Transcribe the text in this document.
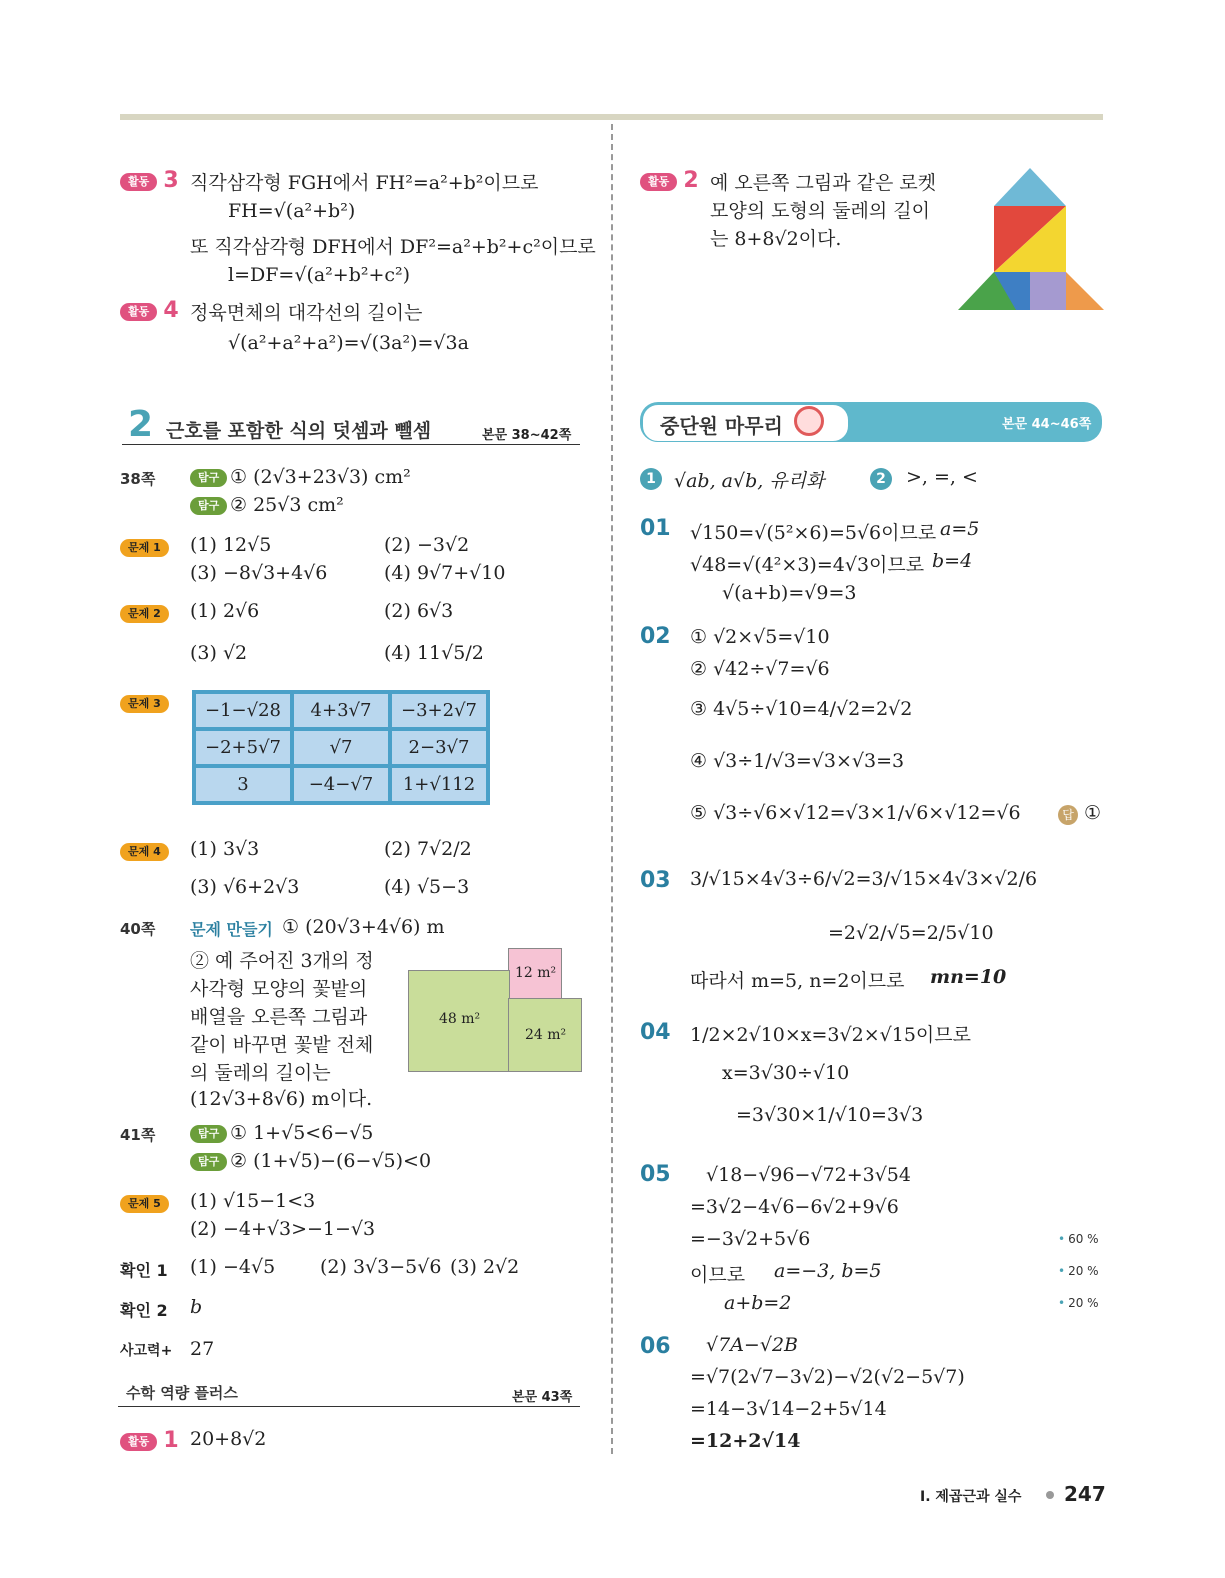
활동 3 직각삼각형 FGH에서 FH²=a²+b²이므로
FH=√(a²+b²)
또 직각삼각형 DFH에서 DF²=a²+b²+c²이므로
l=DF=√(a²+b²+c²)
활동 4 정육면체의 대각선의 길이는
√(a²+a²+a²)=√(3a²)=√3a
2 근호를 포함한 식의 덧셈과 뺄셈	본문 38~42쪽
38쪽	탐구 ① (2√3+23√3) cm²
탐구 ② 25√3 cm²
문제 1	(1) 12√5	(2) −3√2
(3) −8√3+4√6	(4) 9√7+√10
문제 2	(1) 2√6	(2) 6√3
(3) √2	(4) 11√5/2
문제 3	−1−√28	4+3√7	−3+2√7
−2+5√7	√7	2−3√7
3	−4−√7	1+√112
문제 4	(1) 3√3	(2) 7√2/2
(3) √6+2√3	(4) √5−3
40쪽 문제 만들기 ① (20√3+4√6) m
② 예 주어진 3개의 정
사각형 모양의 꽃밭의
배열을 오른쪽 그림과
같이 바꾸면 꽃밭 전체
의 둘레의 길이는
(12√3+8√6) m이다.
12 m²
48 m²
24 m²
41쪽	탐구 ① 1+√5<6−√5
탐구 ② (1+√5)−(6−√5)<0
문제 5	(1) √15−1<3
(2) −4+√3>−1−√3
확인 1 (1) −4√5 (2) 3√3−5√6 (3) 2√2
확인 2 b
사고력+ 27
수학 역량 플러스	본문 43쪽
활동 1 20+8√2
활동 2 예 오른쪽 그림과 같은 로켓
모양의 도형의 둘레의 길이
는 8+8√2이다.
중단원 마무리	본문 44~46쪽
1 √ab, a√b, 유리화	2	>, =, <
01 √150=√(5²×6)=5√6이므로 a=5
√48=√(4²×3)=4√3이므로 b=4
√(a+b)=√9=3
02 ① √2×√5=√10
② √42÷√7=√6
③ 4√5÷√10=4/√2=2√2
④ √3÷1/√3=√3×√3=3
⑤ √3÷√6×√12=√3×1/√6×√12=√6	답 ①
03 3/√15×4√3÷6/√2=3/√15×4√3×√2/6
=2√2/√5=2/5√10
따라서 m=5, n=2이므로 mn=10
04 1/2×2√10×x=3√2×√15이므로
x=3√30÷√10
=3√30×1/√10=3√3
05 √18−√96−√72+3√54
=3√2−4√6−6√2+9√6
=−3√2+5√6
이므로 a=−3, b=5
a+b=2
• 60 %
• 20 %
• 20 %
06 √7A−√2B
=√7(2√7−3√2)−√2(√2−5√7)
=14−3√14−2+5√14
=12+2√14
Ⅰ. 제곱근과 실수 247
